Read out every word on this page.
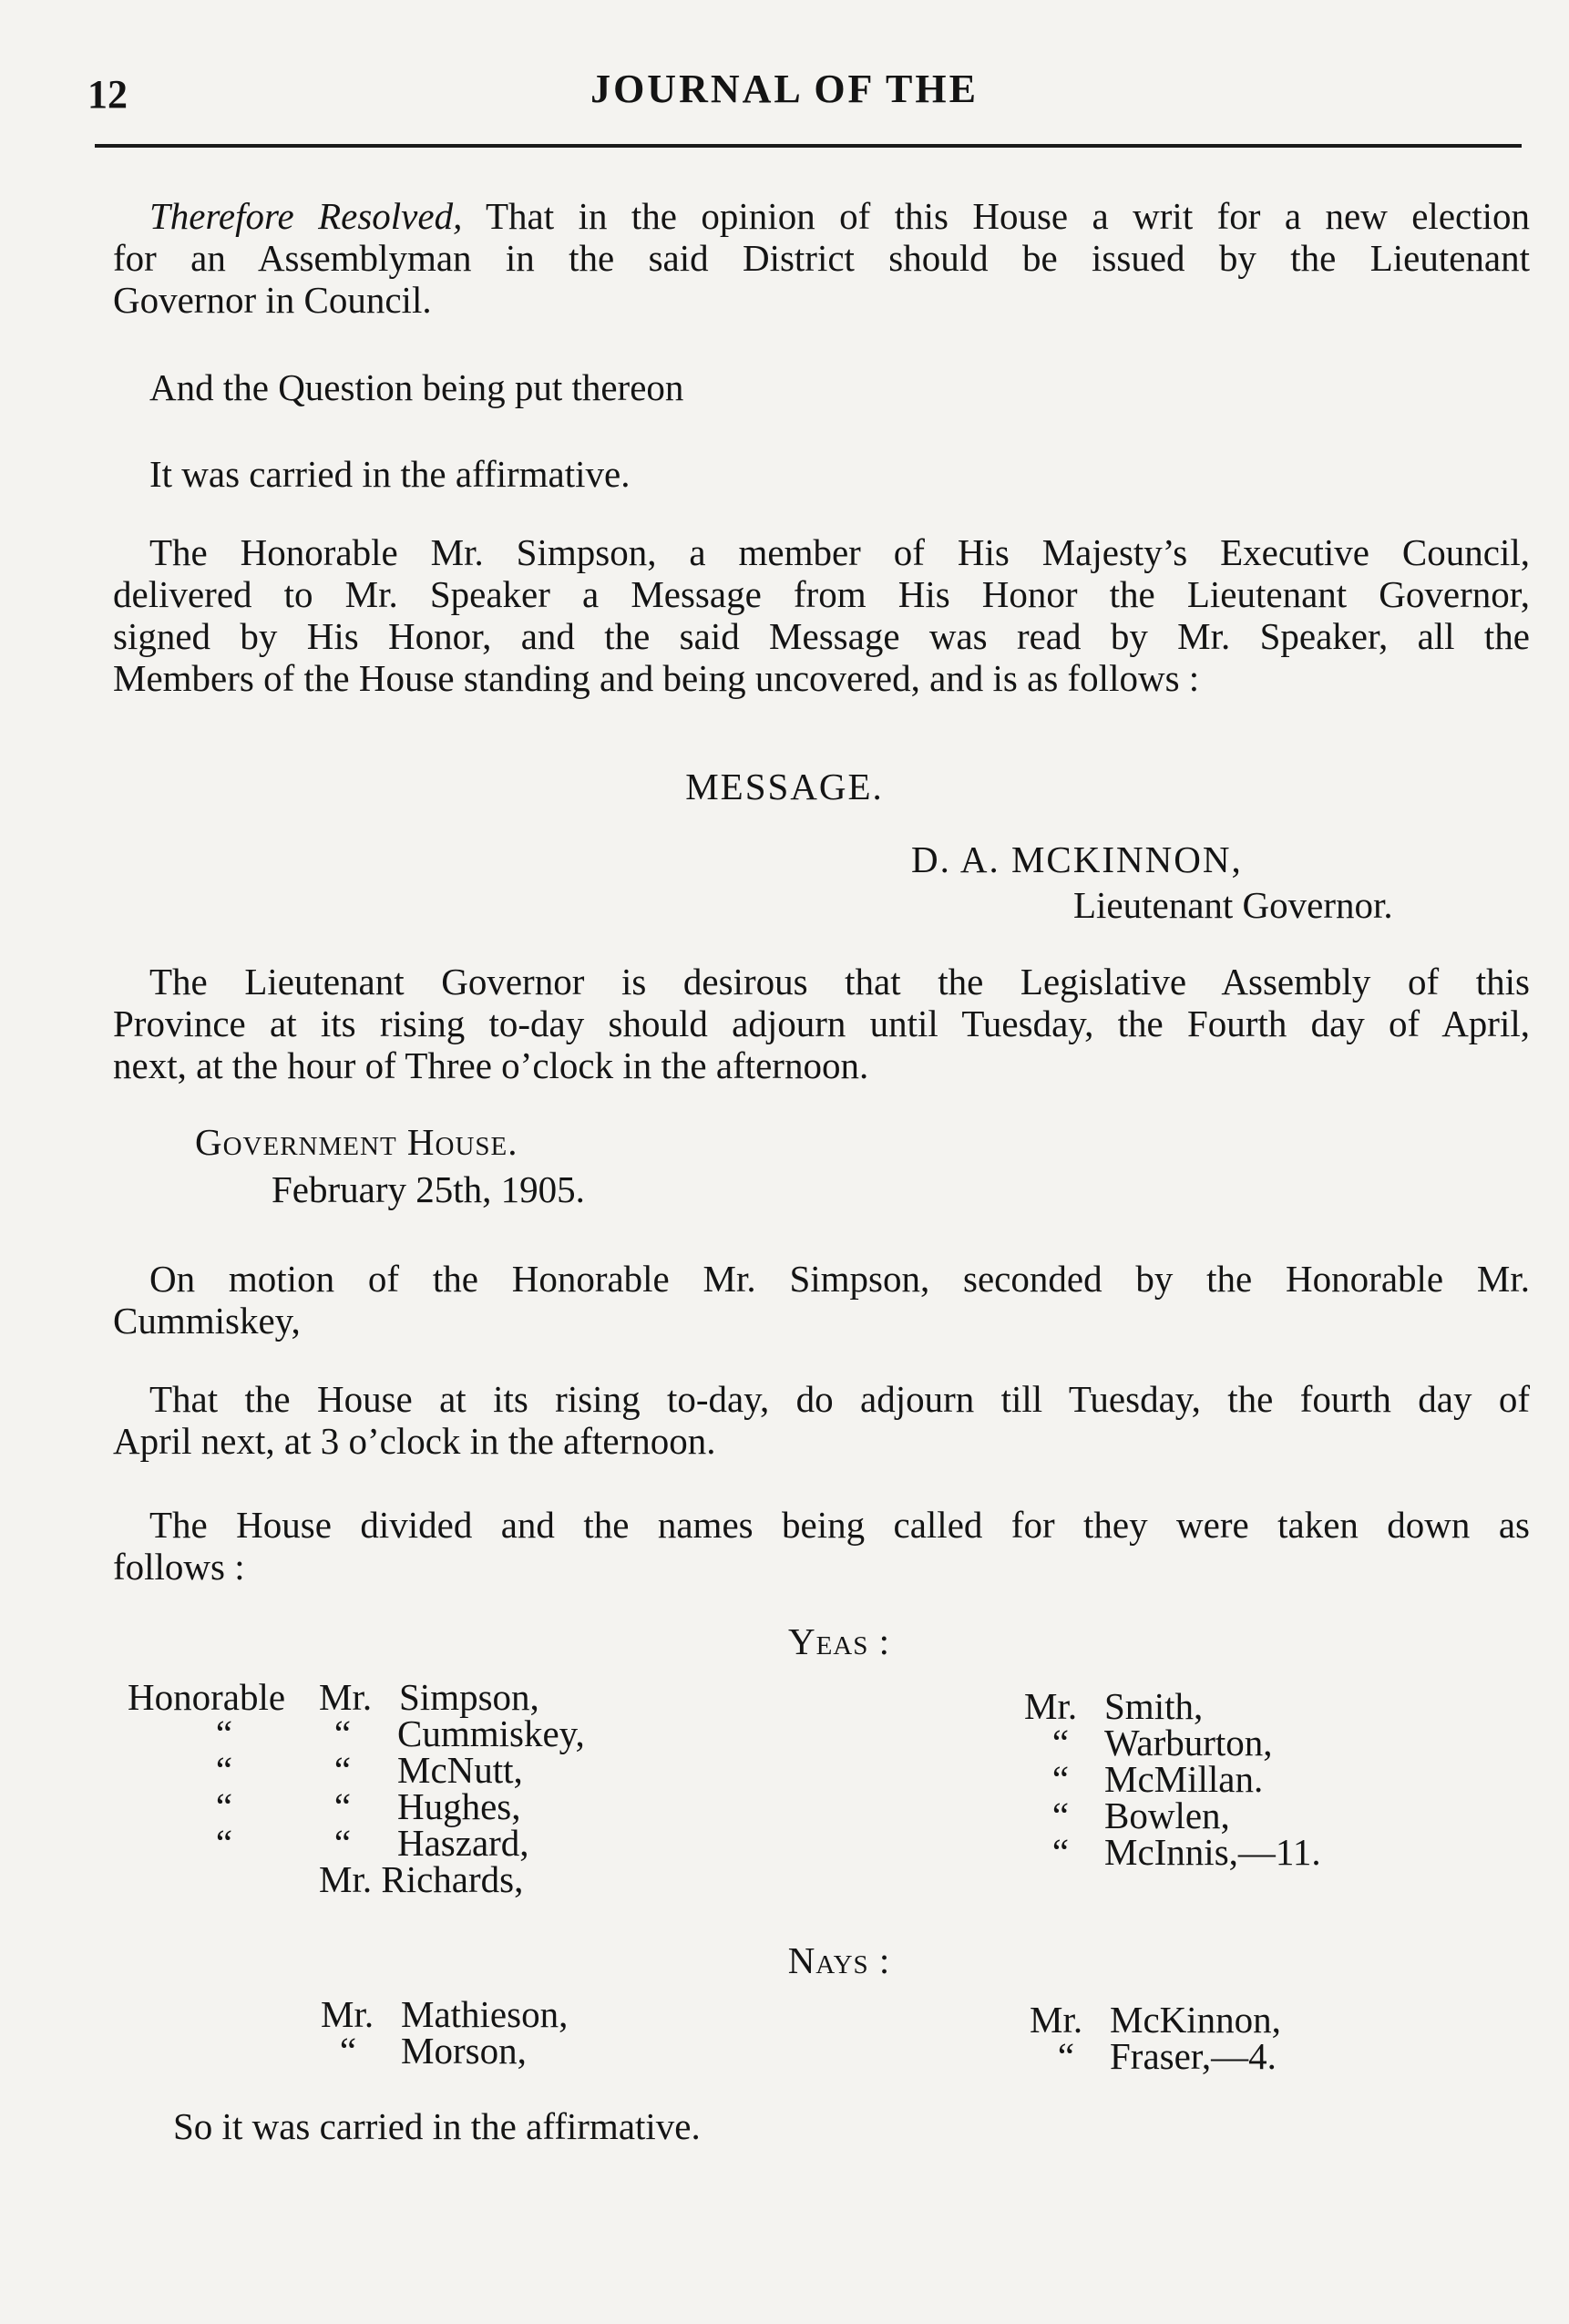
12	JOURNAL OF THE
Therefore Resolved, That in the opinion of this House a writ for a new election
for an Assemblyman in the said District should be issued by the Lieutenant
Governor in Council.
And the Question being put thereon
It was carried in the affirmative.
The Honorable Mr. Simpson, a member of His Majesty’s Executive Council,
delivered to Mr. Speaker a Message from His Honor the Lieutenant Governor,
signed by His Honor, and the said Message was read by Mr. Speaker, all the
Members of the House standing and being uncovered, and is as follows :
MESSAGE.
D. A. MCKINNON,
Lieutenant Governor.
The Lieutenant Governor is desirous that the Legislative Assembly of this
Province at its rising to-day should adjourn until Tuesday, the Fourth day of April,
next, at the hour of Three o’clock in the afternoon.
Government House.
February 25th, 1905.
On motion of the Honorable Mr. Simpson, seconded by the Honorable Mr.
Cummiskey,
That the House at its rising to-day, do adjourn till Tuesday, the fourth day of
April next, at 3 o’clock in the afternoon.
The House divided and the names being called for they were taken down as
follows :
Yeas :
Honorable Mr. Simpson,
“	“ Cummiskey,
“	“ McNutt,
“	“ Hughes,
“	“ Haszard,
Mr. Richards,
Mr. Smith,
“ Warburton,
“ McMillan.
“ Bowlen,
“ McInnis,—11.
Nays :
Mr. Mathieson,
“ Morson,
Mr. McKinnon,
“ Fraser,—4.
So it was carried in the affirmative.
